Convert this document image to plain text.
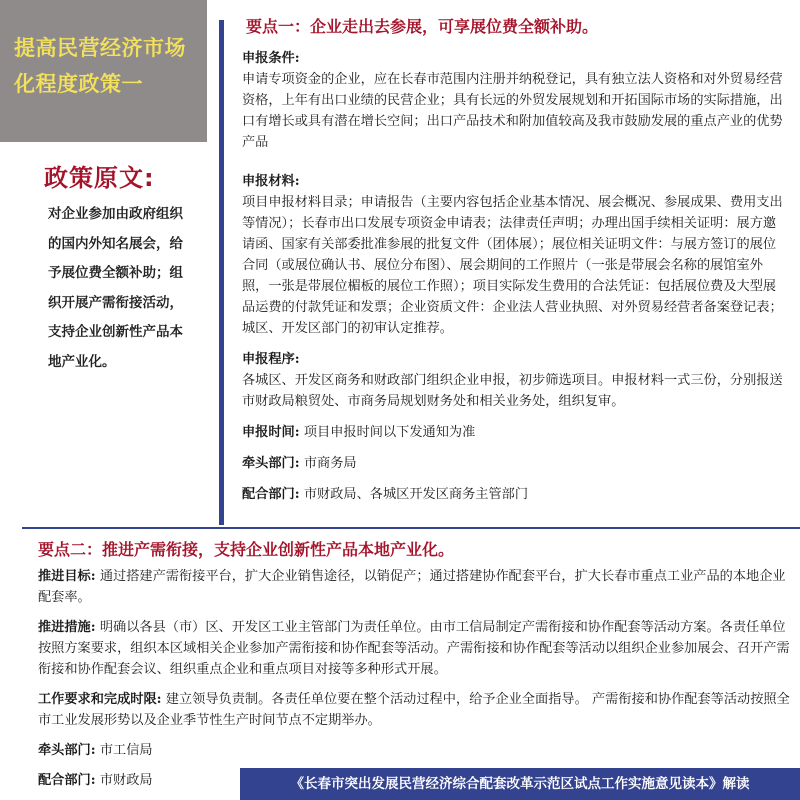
提高民营经济市场化程度政策一
政策原文:
对企业参加由政府组织的国内外知名展会，给予展位费全额补助；组织开展产需衔接活动，支持企业创新性产品本地产业化。
要点一：企业走出去参展，可享展位费全额补助。
申报条件:
申请专项资金的企业，应在长春市范围内注册并纳税登记，具有独立法人资格和对外贸易经营资格，上年有出口业绩的民营企业；具有长远的外贸发展规划和开拓国际市场的实际措施，出口有增长或具有潜在增长空间；出口产品技术和附加值较高及我市鼓励发展的重点产业的优势产品
申报材料:
项目申报材料目录；申请报告（主要内容包括企业基本情况、展会概况、参展成果、费用支出等情况）；长春市出口发展专项资金申请表；法律责任声明；办理出国手续相关证明：展方邀请函、国家有关部委批准参展的批复文件（团体展）；展位相关证明文件：与展方签订的展位合同（或展位确认书、展位分布图）、展会期间的工作照片（一张是带展会名称的展馆室外照，一张是带展位楣板的展位工作照）；项目实际发生费用的合法凭证：包括展位费及大型展品运费的付款凭证和发票；企业资质文件：企业法人营业执照、对外贸易经营者备案登记表；城区、开发区部门的初审认定推荐。
申报程序:
各城区、开发区商务和财政部门组织企业申报，初步筛选项目。申报材料一式三份，分别报送市财政局粮贸处、市商务局规划财务处和相关业务处，组织复审。
申报时间: 项目申报时间以下发通知为准
牵头部门: 市商务局
配合部门: 市财政局、各城区开发区商务主管部门
要点二：推进产需衔接，支持企业创新性产品本地产业化。
推进目标: 通过搭建产需衔接平台，扩大企业销售途径，以销促产；通过搭建协作配套平台，扩大长春市重点工业产品的本地企业配套率。
推进措施: 明确以各县（市）区、开发区工业主管部门为责任单位。由市工信局制定产需衔接和协作配套等活动方案。各责任单位按照方案要求，组织本区域相关企业参加产需衔接和协作配套等活动。产需衔接和协作配套等活动以组织企业参加展会、召开产需衔接和协作配套会议、组织重点企业和重点项目对接等多种形式开展。
工作要求和完成时限: 建立领导负责制。各责任单位要在整个活动过程中，给予企业全面指导。 产需衔接和协作配套等活动按照全市工业发展形势以及企业季节性生产时间节点不定期举办。
牵头部门: 市工信局
配合部门: 市财政局	《长春市突出发展民营经济综合配套改革示范区试点工作实施意见读本》解读
